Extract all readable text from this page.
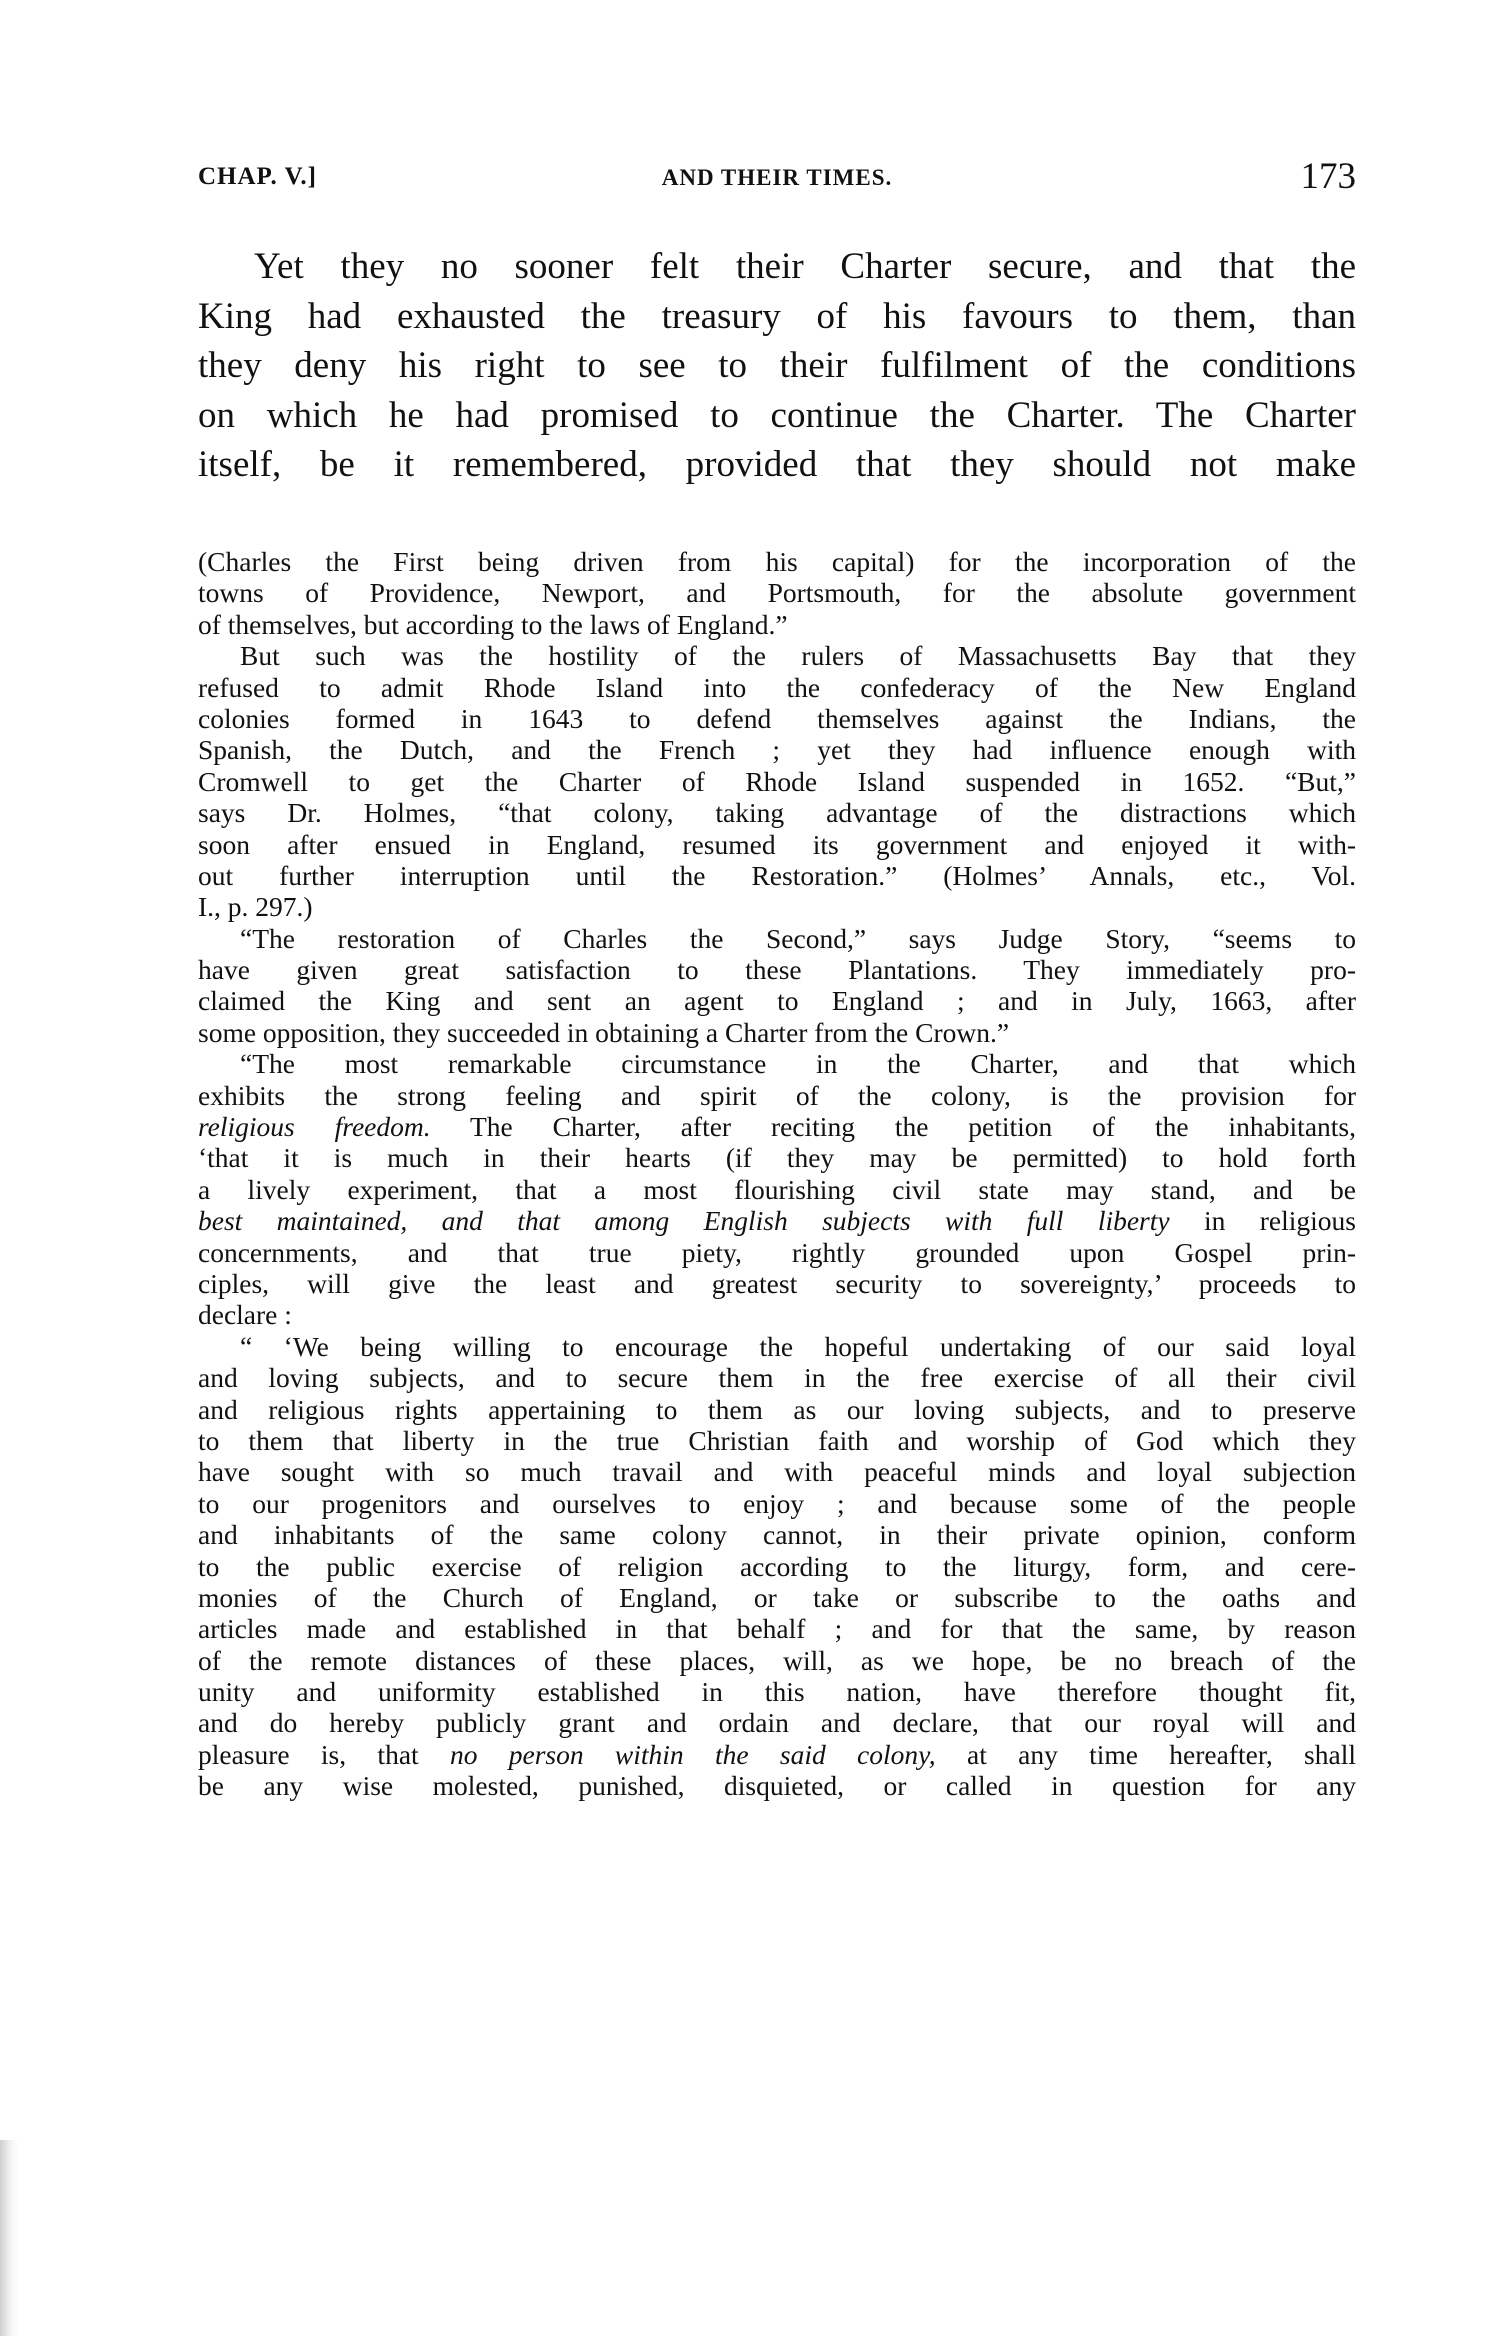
CHAP. V.]	AND THEIR TIMES.	173
Yet they no sooner felt their Charter secure, and that the
King had exhausted the treasury of his favours to them, than
they deny his right to see to their fulfilment of the conditions
on which he had promised to continue the Charter. The Charter
itself, be it remembered, provided that they should not make
(Charles the First being driven from his capital) for the incorporation of the
towns of Providence, Newport, and Portsmouth, for the absolute government
of themselves, but according to the laws of England.”
But such was the hostility of the rulers of Massachusetts Bay that they
refused to admit Rhode Island into the confederacy of the New England
colonies formed in 1643 to defend themselves against the Indians, the
Spanish, the Dutch, and the French ; yet they had influence enough with
Cromwell to get the Charter of Rhode Island suspended in 1652. “But,”
says Dr. Holmes, “that colony, taking advantage of the distractions which
soon after ensued in England, resumed its government and enjoyed it with-
out further interruption until the Restoration.” (Holmes’ Annals, etc., Vol.
I., p. 297.)
“The restoration of Charles the Second,” says Judge Story, “seems to
have given great satisfaction to these Plantations. They immediately pro-
claimed the King and sent an agent to England ; and in July, 1663, after
some opposition, they succeeded in obtaining a Charter from the Crown.”
“The most remarkable circumstance in the Charter, and that which
exhibits the strong feeling and spirit of the colony, is the provision for
religious freedom. The Charter, after reciting the petition of the inhabitants,
‘that it is much in their hearts (if they may be permitted) to hold forth
a lively experiment, that a most flourishing civil state may stand, and be
best maintained, and that among English subjects with full liberty in religious
concernments, and that true piety, rightly grounded upon Gospel prin-
ciples, will give the least and greatest security to sovereignty,’ proceeds to
declare :
“ ‘We being willing to encourage the hopeful undertaking of our said loyal
and loving subjects, and to secure them in the free exercise of all their civil
and religious rights appertaining to them as our loving subjects, and to preserve
to them that liberty in the true Christian faith and worship of God which they
have sought with so much travail and with peaceful minds and loyal subjection
to our progenitors and ourselves to enjoy ; and because some of the people
and inhabitants of the same colony cannot, in their private opinion, conform
to the public exercise of religion according to the liturgy, form, and cere-
monies of the Church of England, or take or subscribe to the oaths and
articles made and established in that behalf ; and for that the same, by reason
of the remote distances of these places, will, as we hope, be no breach of the
unity and uniformity established in this nation, have therefore thought fit,
and do hereby publicly grant and ordain and declare, that our royal will and
pleasure is, that no person within the said colony, at any time hereafter, shall
be any wise molested, punished, disquieted, or called in question for any
